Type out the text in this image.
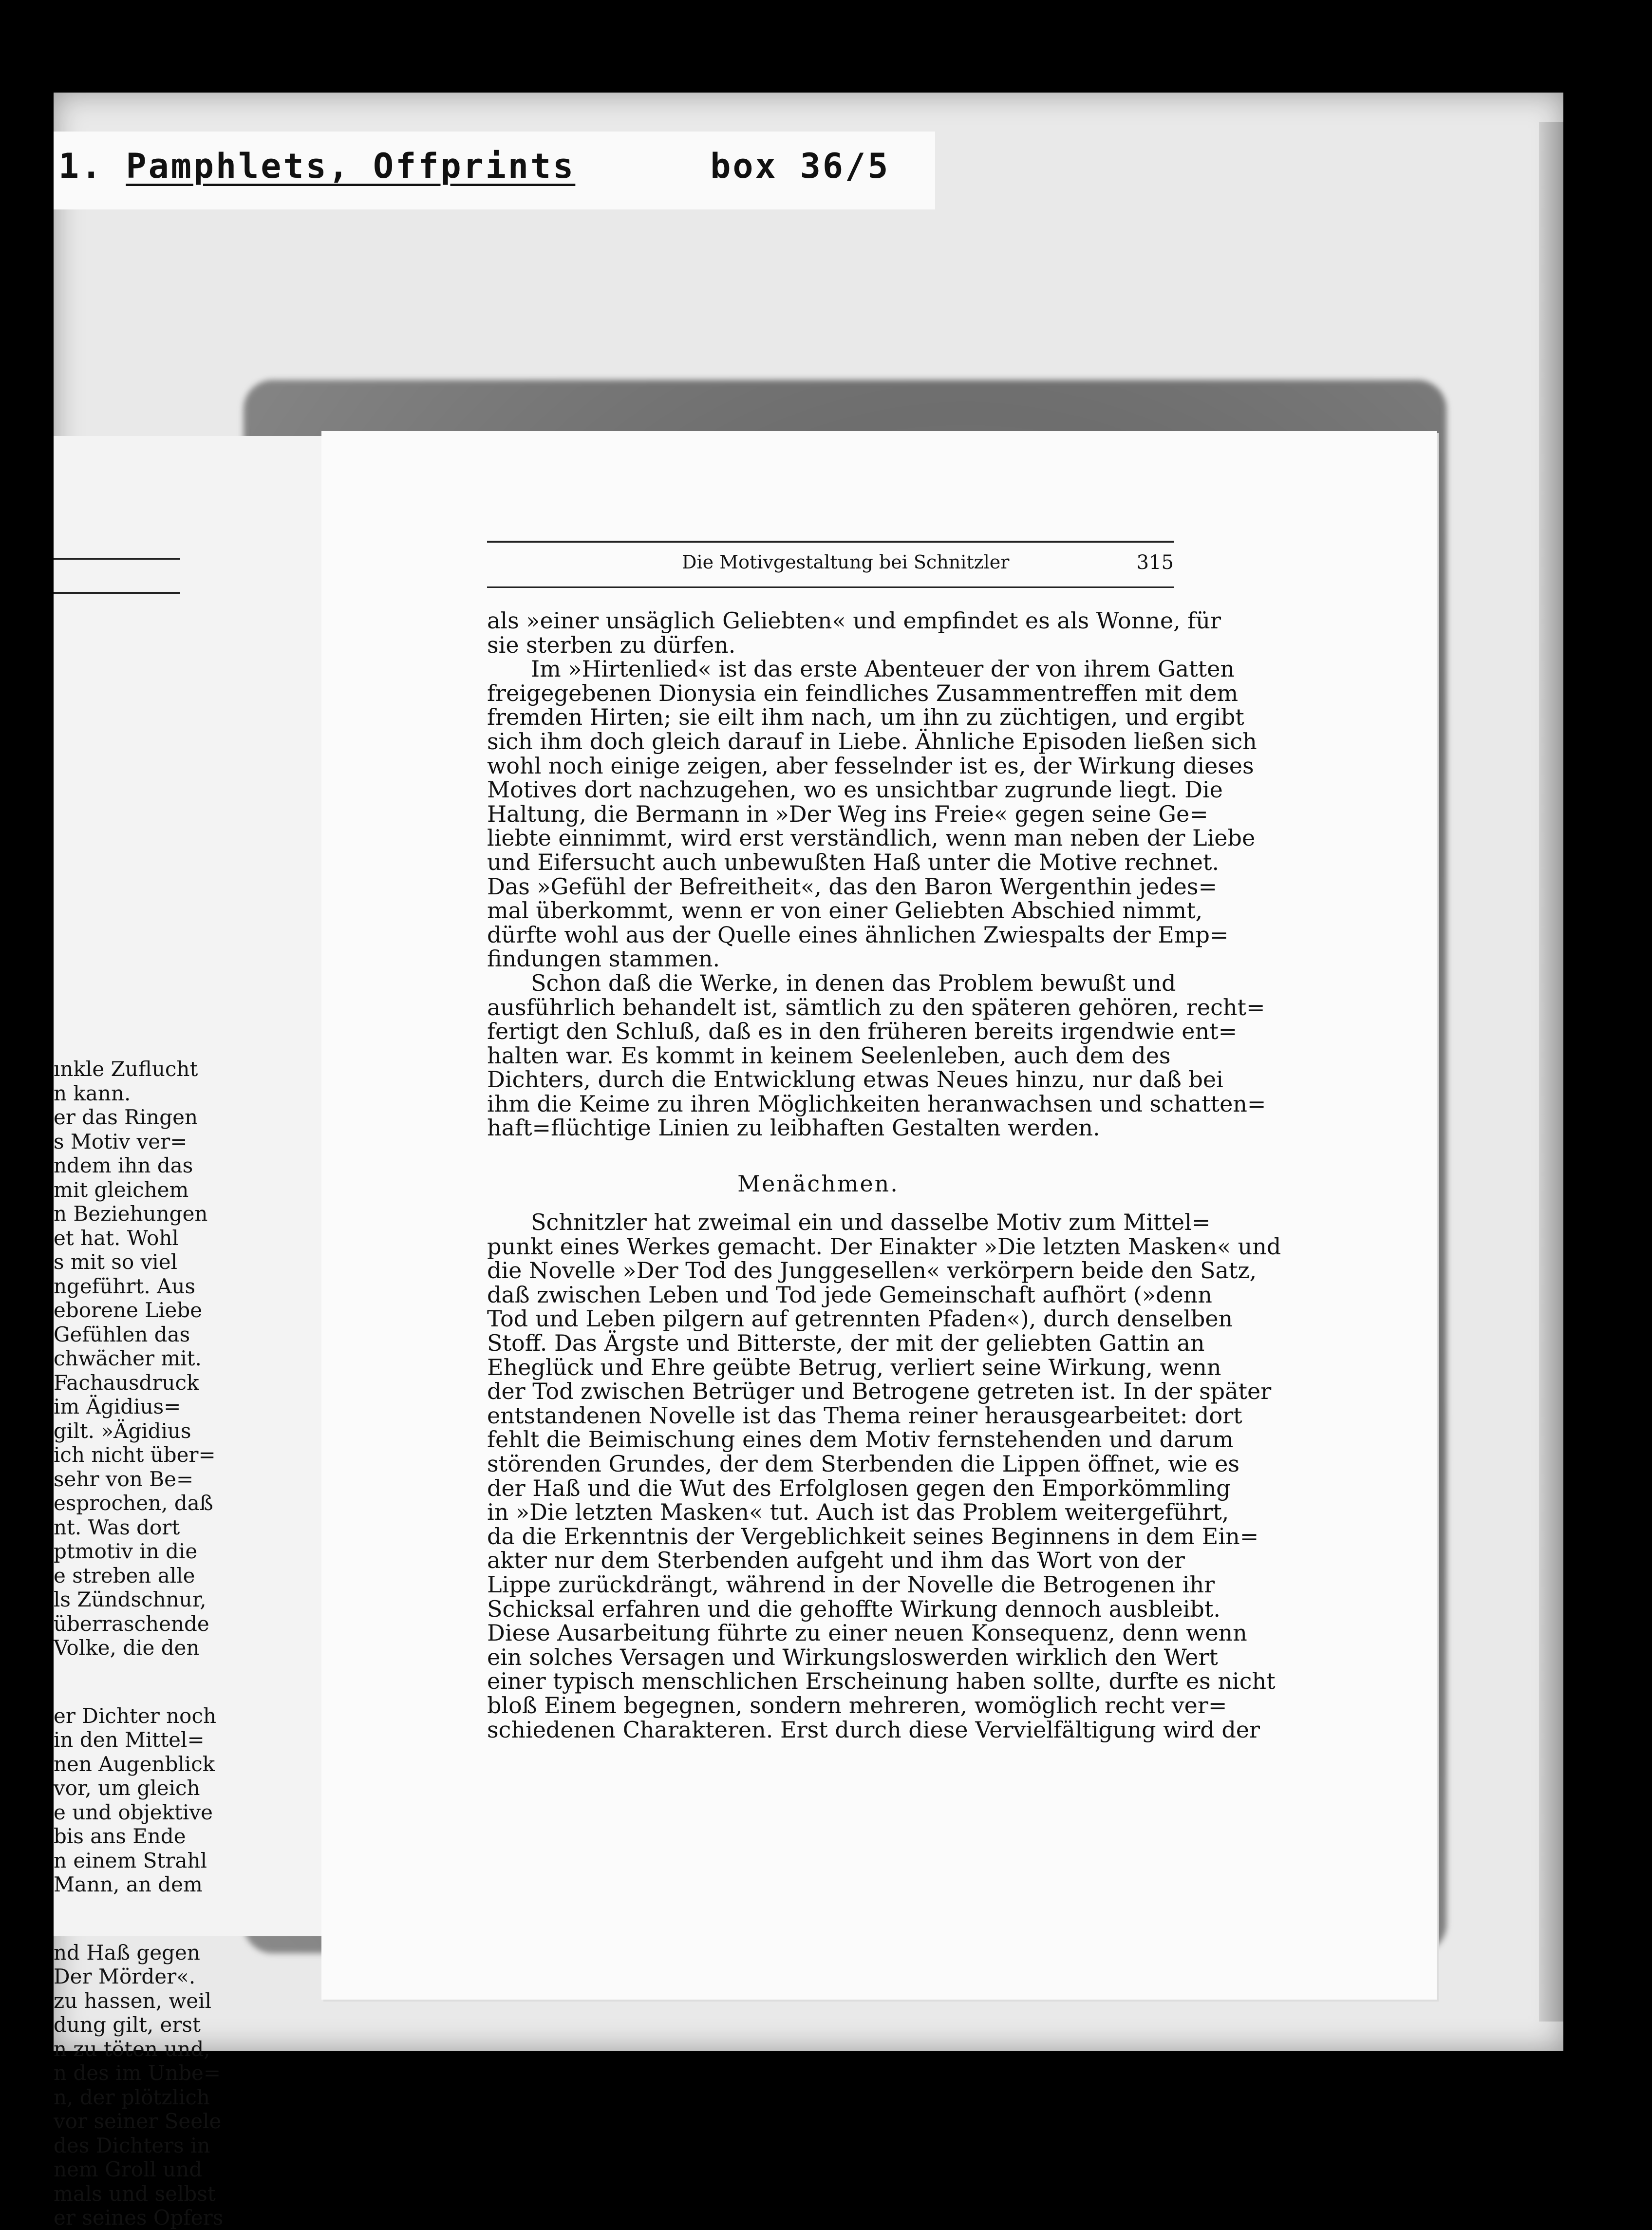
1. Pamphlets, Offprints	box 36/5
ınkle Zuflucht
n kann.
er das Ringen
s Motiv ver=
ndem ihn das
mit gleichem
n Beziehungen
et hat. Wohl
s mit so viel
ngeführt. Aus
eborene Liebe
Gefühlen das
chwächer mit.
Fachausdruck
im Ägidius=
gilt. »Ägidius
ich nicht über=
sehr von Be=
esprochen, daß
nt. Was dort
ptmotiv in die
e streben alle
ls Zündschnur,
überraschende
Volke, die den
er Dichter noch
in den Mittel=
nen Augenblick
vor, um gleich
e und objektive
bis ans Ende
n einem Strahl
Mann, an dem
nd Haß gegen
Der Mörder«.
zu hassen, weil
dung gilt, erst
n zu töten und,
n des im Unbe=
n, der plötzlich
vor seiner Seele
des Dichters in
nem Groll und
mals und selbst
er seines Opfers
Die Motivgestaltung bei Schnitzler	315
als »einer unsäglich Geliebten« und empfindet es als Wonne, für
sie sterben zu dürfen.
Im »Hirtenlied« ist das erste Abenteuer der von ihrem Gatten
freigegebenen Dionysia ein feindliches Zusammentreffen mit dem
fremden Hirten; sie eilt ihm nach, um ihn zu züchtigen, und ergibt
sich ihm doch gleich darauf in Liebe. Ähnliche Episoden ließen sich
wohl noch einige zeigen, aber fesselnder ist es, der Wirkung dieses
Motives dort nachzugehen, wo es unsichtbar zugrunde liegt. Die
Haltung, die Bermann in »Der Weg ins Freie« gegen seine Ge=
liebte einnimmt, wird erst verständlich, wenn man neben der Liebe
und Eifersucht auch unbewußten Haß unter die Motive rechnet.
Das »Gefühl der Befreitheit«, das den Baron Wergenthin jedes=
mal überkommt, wenn er von einer Geliebten Abschied nimmt,
dürfte wohl aus der Quelle eines ähnlichen Zwiespalts der Emp=
findungen stammen.
Schon daß die Werke, in denen das Problem bewußt und
ausführlich behandelt ist, sämtlich zu den späteren gehören, recht=
fertigt den Schluß, daß es in den früheren bereits irgendwie ent=
halten war. Es kommt in keinem Seelenleben, auch dem des
Dichters, durch die Entwicklung etwas Neues hinzu, nur daß bei
ihm die Keime zu ihren Möglichkeiten heranwachsen und schatten=
haft=flüchtige Linien zu leibhaften Gestalten werden.
Menächmen.
Schnitzler hat zweimal ein und dasselbe Motiv zum Mittel=
punkt eines Werkes gemacht. Der Einakter »Die letzten Masken« und
die Novelle »Der Tod des Junggesellen« verkörpern beide den Satz,
daß zwischen Leben und Tod jede Gemeinschaft aufhört (»denn
Tod und Leben pilgern auf getrennten Pfaden«), durch denselben
Stoff. Das Ärgste und Bitterste, der mit der geliebten Gattin an
Eheglück und Ehre geübte Betrug, verliert seine Wirkung, wenn
der Tod zwischen Betrüger und Betrogene getreten ist. In der später
entstandenen Novelle ist das Thema reiner herausgearbeitet: dort
fehlt die Beimischung eines dem Motiv fernstehenden und darum
störenden Grundes, der dem Sterbenden die Lippen öffnet, wie es
der Haß und die Wut des Erfolglosen gegen den Emporkömmling
in »Die letzten Masken« tut. Auch ist das Problem weitergeführt,
da die Erkenntnis der Vergeblichkeit seines Beginnens in dem Ein=
akter nur dem Sterbenden aufgeht und ihm das Wort von der
Lippe zurückdrängt, während in der Novelle die Betrogenen ihr
Schicksal erfahren und die gehoffte Wirkung dennoch ausbleibt.
Diese Ausarbeitung führte zu einer neuen Konsequenz, denn wenn
ein solches Versagen und Wirkungsloswerden wirklich den Wert
einer typisch menschlichen Erscheinung haben sollte, durfte es nicht
bloß Einem begegnen, sondern mehreren, womöglich recht ver=
schiedenen Charakteren. Erst durch diese Vervielfältigung wird der
